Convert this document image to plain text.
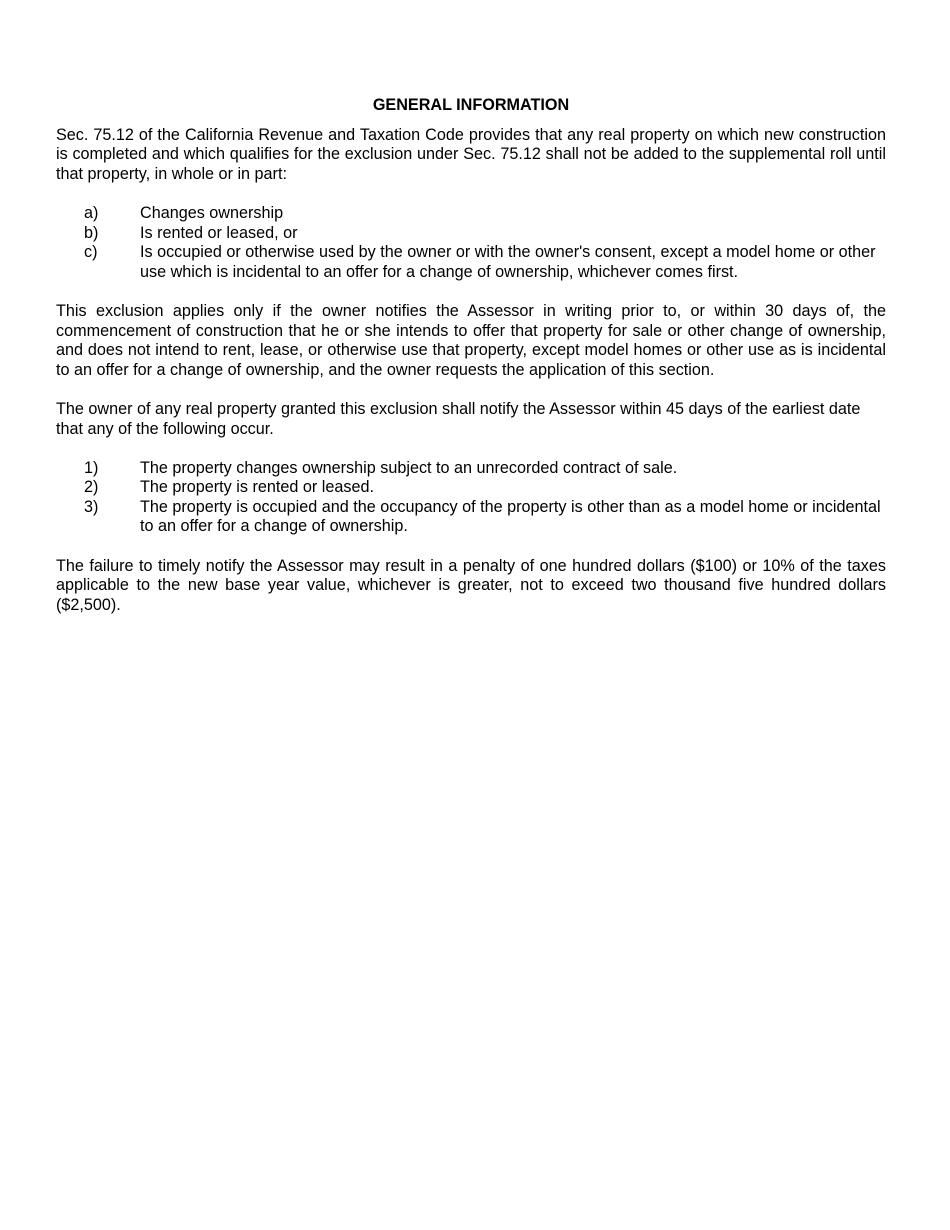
GENERAL INFORMATION

Sec. 75.12 of the California Revenue and Taxation Code provides that any real property on which new construction is completed and which qualifies for the exclusion under Sec. 75.12 shall not be added to the supplemental roll until that property, in whole or in part:

a)	Changes ownership
b)	Is rented or leased, or
c)	Is occupied or otherwise used by the owner or with the owner's consent, except a model home or other use which is incidental to an offer for a change of ownership, whichever comes first.

This exclusion applies only if the owner notifies the Assessor in writing prior to, or within 30 days of, the commencement of construction that he or she intends to offer that property for sale or other change of ownership, and does not intend to rent, lease, or otherwise use that property, except model homes or other use as is incidental to an offer for a change of ownership, and the owner requests the application of this section.

The owner of any real property granted this exclusion shall notify the Assessor within 45 days of the earliest date that any of the following occur.

1)	The property changes ownership subject to an unrecorded contract of sale.
2)	The property is rented or leased.
3)	The property is occupied and the occupancy of the property is other than as a model home or incidental to an offer for a change of ownership.

The failure to timely notify the Assessor may result in a penalty of one hundred dollars ($100) or 10% of the taxes applicable to the new base year value, whichever is greater, not to exceed two thousand five hundred dollars ($2,500).
